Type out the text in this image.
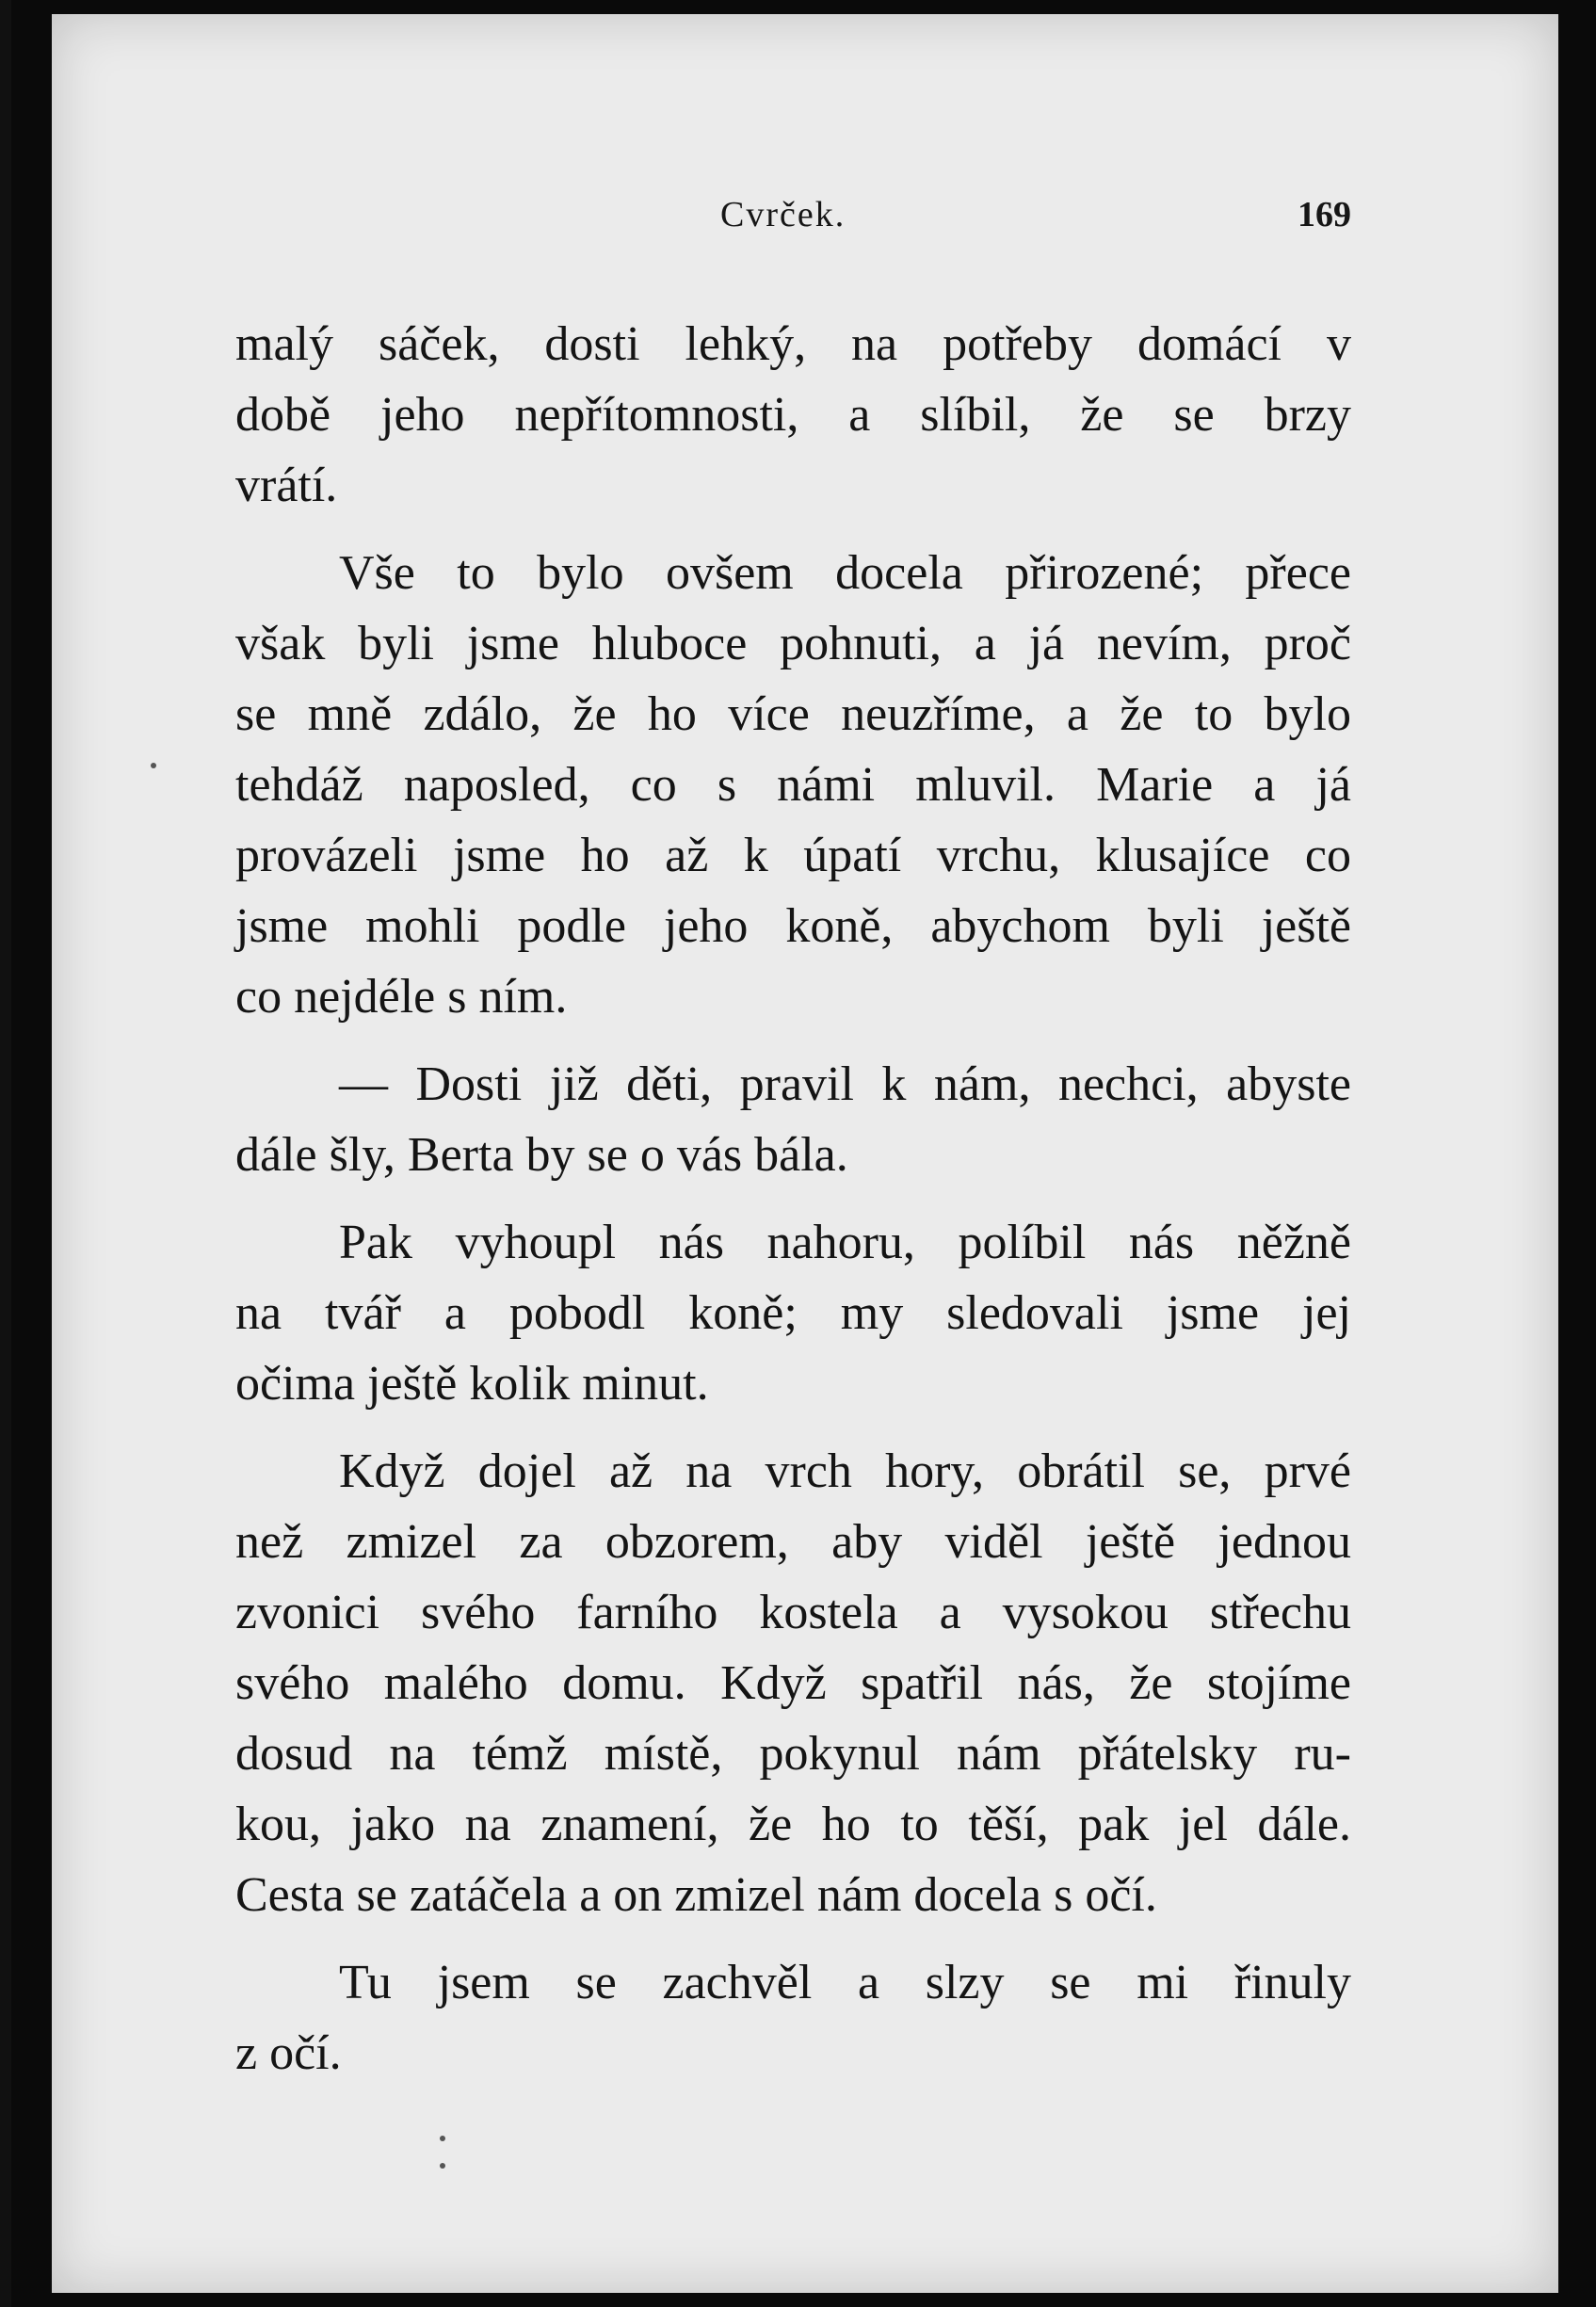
Cvrček.	169
malý sáček, dosti lehký, na potřeby domácí v
době jeho nepřítomnosti, a slíbil, že se brzy
vrátí.
Vše to bylo ovšem docela přirozené; přece
však byli jsme hluboce pohnuti, a já nevím, proč
se mně zdálo, že ho více neuzříme, a že to bylo
tehdáž naposled, co s námi mluvil. Marie a já
provázeli jsme ho až k úpatí vrchu, klusajíce co
jsme mohli podle jeho koně, abychom byli ještě
co nejdéle s ním.
— Dosti již děti, pravil k nám, nechci, abyste
dále šly, Berta by se o vás bála.
Pak vyhoupl nás nahoru, políbil nás něžně
na tvář a pobodl koně; my sledovali jsme jej
očima ještě kolik minut.
Když dojel až na vrch hory, obrátil se, prvé
než zmizel za obzorem, aby viděl ještě jednou
zvonici svého farního kostela a vysokou střechu
svého malého domu. Když spatřil nás, že stojíme
dosud na témž místě, pokynul nám přátelsky ru-
kou, jako na znamení, že ho to těší, pak jel dále.
Cesta se zatáčela a on zmizel nám docela s očí.
Tu jsem se zachvěl a slzy se mi řinuly
z očí.
